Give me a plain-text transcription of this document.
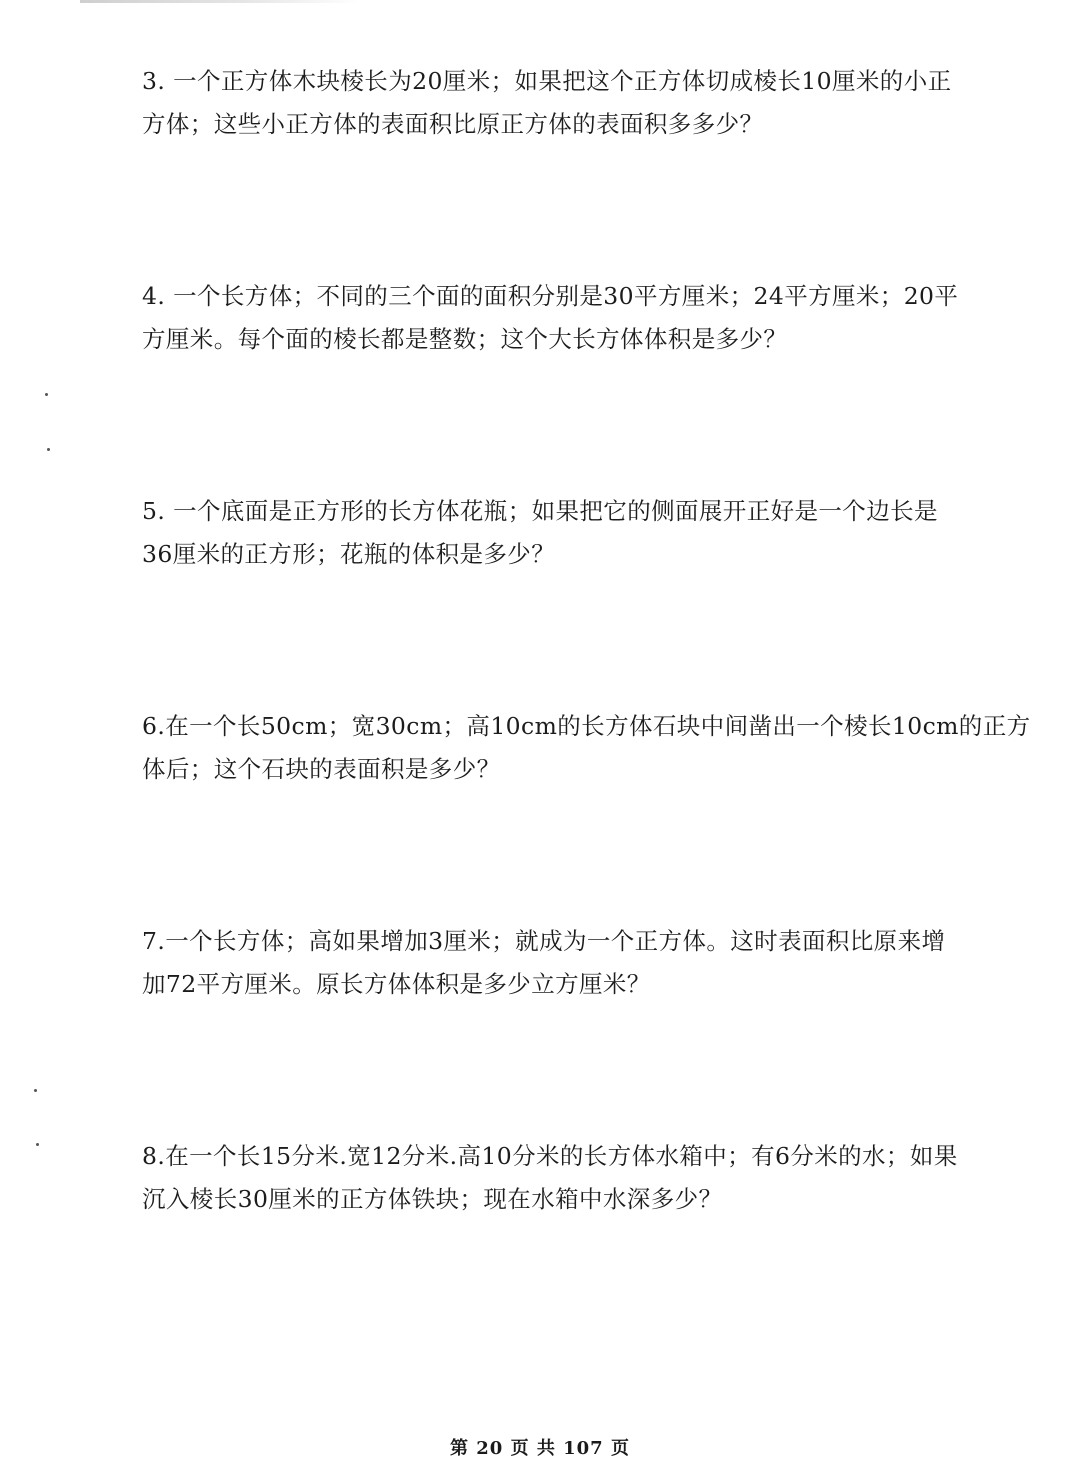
3. 一个正方体木块棱长为20厘米；如果把这个正方体切成棱长10厘米的小正
方体；这些小正方体的表面积比原正方体的表面积多多少？
4. 一个长方体；不同的三个面的面积分别是30平方厘米；24平方厘米；20平
方厘米。每个面的棱长都是整数；这个大长方体体积是多少？
5. 一个底面是正方形的长方体花瓶；如果把它的侧面展开正好是一个边长是
36厘米的正方形；花瓶的体积是多少？
6.在一个长50cm；宽30cm；高10cm的长方体石块中间凿出一个棱长10cm的正方
体后；这个石块的表面积是多少？
7.一个长方体；高如果增加3厘米；就成为一个正方体。这时表面积比原来增
加72平方厘米。原长方体体积是多少立方厘米？
8.在一个长15分米.宽12分米.高10分米的长方体水箱中；有6分米的水；如果
沉入棱长30厘米的正方体铁块；现在水箱中水深多少？
第 20 页 共 107 页
